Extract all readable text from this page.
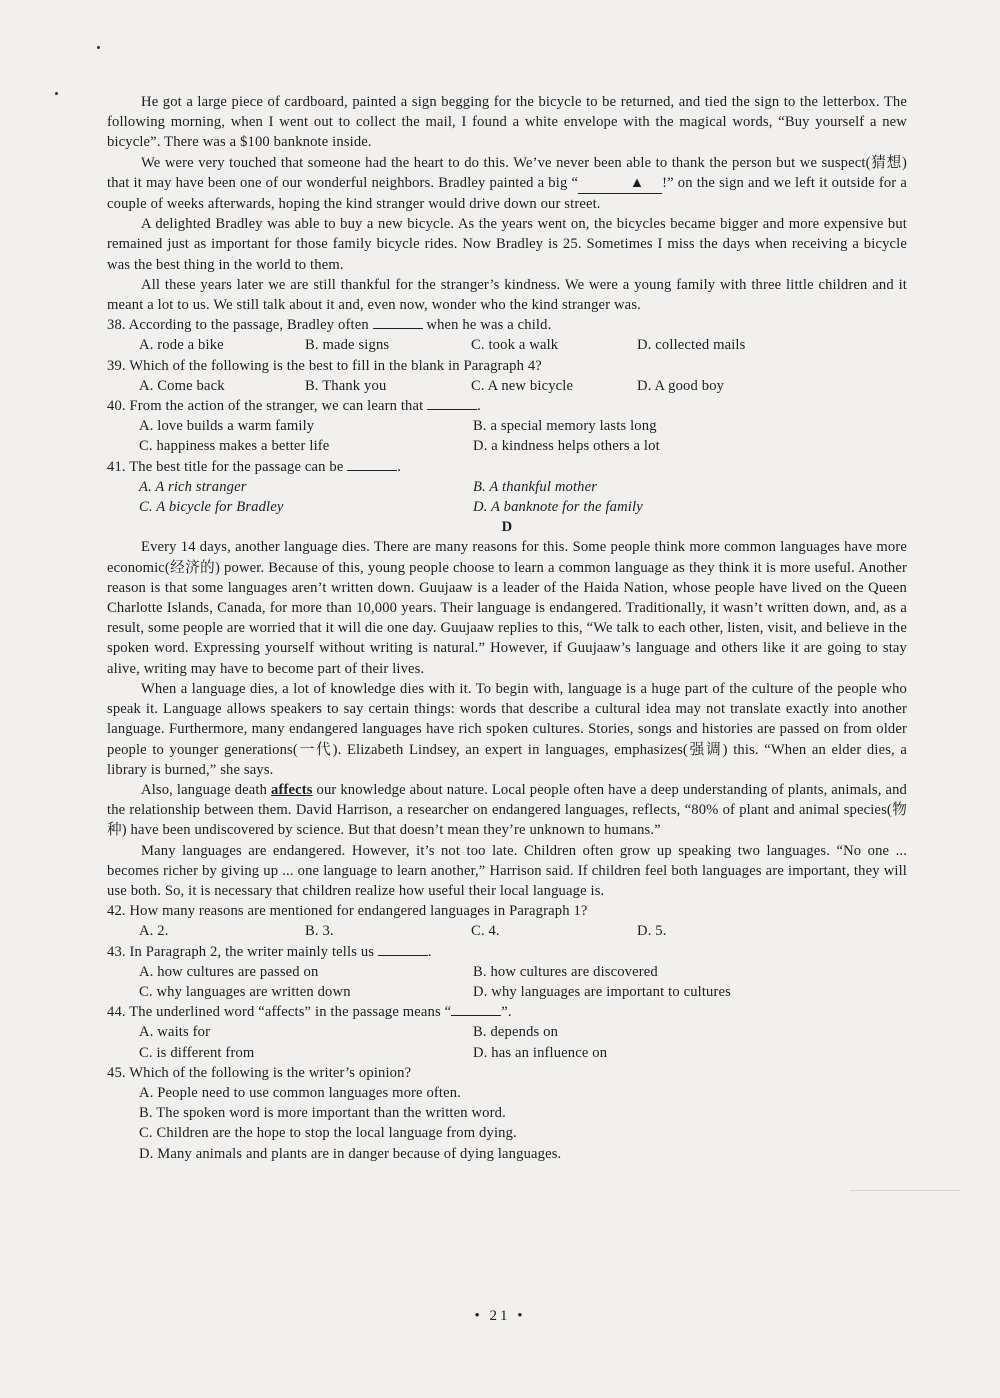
He got a large piece of cardboard, painted a sign begging for the bicycle to be returned, and tied the sign to the letterbox. The following morning, when I went out to collect the mail, I found a white envelope with the magical words, “Buy yourself a new bicycle”. There was a $100 banknote inside.

We were very touched that someone had the heart to do this. We’ve never been able to thank the person but we suspect(猜想) that it may have been one of our wonderful neighbors. Bradley painted a big “	▲ !” on the sign and we left it outside for a couple of weeks afterwards, hoping the kind stranger would drive down our street.

A delighted Bradley was able to buy a new bicycle. As the years went on, the bicycles became bigger and more expensive but remained just as important for those family bicycle rides. Now Bradley is 25. Sometimes I miss the days when receiving a bicycle was the best thing in the world to them.

All these years later we are still thankful for the stranger’s kindness. We were a young family with three little children and it meant a lot to us. We still talk about it and, even now, wonder who the kind stranger was.

38. According to the passage, Bradley often	when he was a child.

A. rode a bike	B. made signs	C. took a walk	D. collected mails

39. Which of the following is the best to fill in the blank in Paragraph 4?

A. Come back	B. Thank you	C. A new bicycle	D. A good boy

40. From the action of the stranger, we can learn that	.

A. love builds a warm family	B. a special memory lasts long
C. happiness makes a better life	D. a kindness helps others a lot

41. The best title for the passage can be	.

A. A rich stranger	B. A thankful mother
C. A bicycle for Bradley	D. A banknote for the family

D

Every 14 days, another language dies. There are many reasons for this. Some people think more common languages have more economic(经济的) power. Because of this, young people choose to learn a common language as they think it is more useful. Another reason is that some languages aren’t written down. Guujaaw is a leader of the Haida Nation, whose people have lived on the Queen Charlotte Islands, Canada, for more than 10,000 years. Their language is endangered. Traditionally, it wasn’t written down, and, as a result, some people are worried that it will die one day. Guujaaw replies to this, “We talk to each other, listen, visit, and believe in the spoken word. Expressing yourself without writing is natural.” However, if Guujaaw’s language and others like it are going to stay alive, writing may have to become part of their lives.

When a language dies, a lot of knowledge dies with it. To begin with, language is a huge part of the culture of the people who speak it. Language allows speakers to say certain things: words that describe a cultural idea may not translate exactly into another language. Furthermore, many endangered languages have rich spoken cultures. Stories, songs and histories are passed on from older people to younger generations(一代). Elizabeth Lindsey, an expert in languages, emphasizes(强调) this. “When an elder dies, a library is burned,” she says.

Also, language death affects our knowledge about nature. Local people often have a deep understanding of plants, animals, and the relationship between them. David Harrison, a researcher on endangered languages, reflects, “80% of plant and animal species(物种) have been undiscovered by science. But that doesn’t mean they’re unknown to humans.”

Many languages are endangered. However, it’s not too late. Children often grow up speaking two languages. “No one ... becomes richer by giving up ... one language to learn another,” Harrison said. If children feel both languages are important, they will use both. So, it is necessary that children realize how useful their local language is.

42. How many reasons are mentioned for endangered languages in Paragraph 1?

A. 2.	B. 3.	C. 4.	D. 5.

43. In Paragraph 2, the writer mainly tells us	.

A. how cultures are passed on	B. how cultures are discovered
C. why languages are written down	D. why languages are important to cultures

44. The underlined word “affects” in the passage means “	”.

A. waits for	B. depends on
C. is different from	D. has an influence on

45. Which of the following is the writer’s opinion?

A. People need to use common languages more often.
B. The spoken word is more important than the written word.
C. Children are the hope to stop the local language from dying.
D. Many animals and plants are in danger because of dying languages.
• 21 •
